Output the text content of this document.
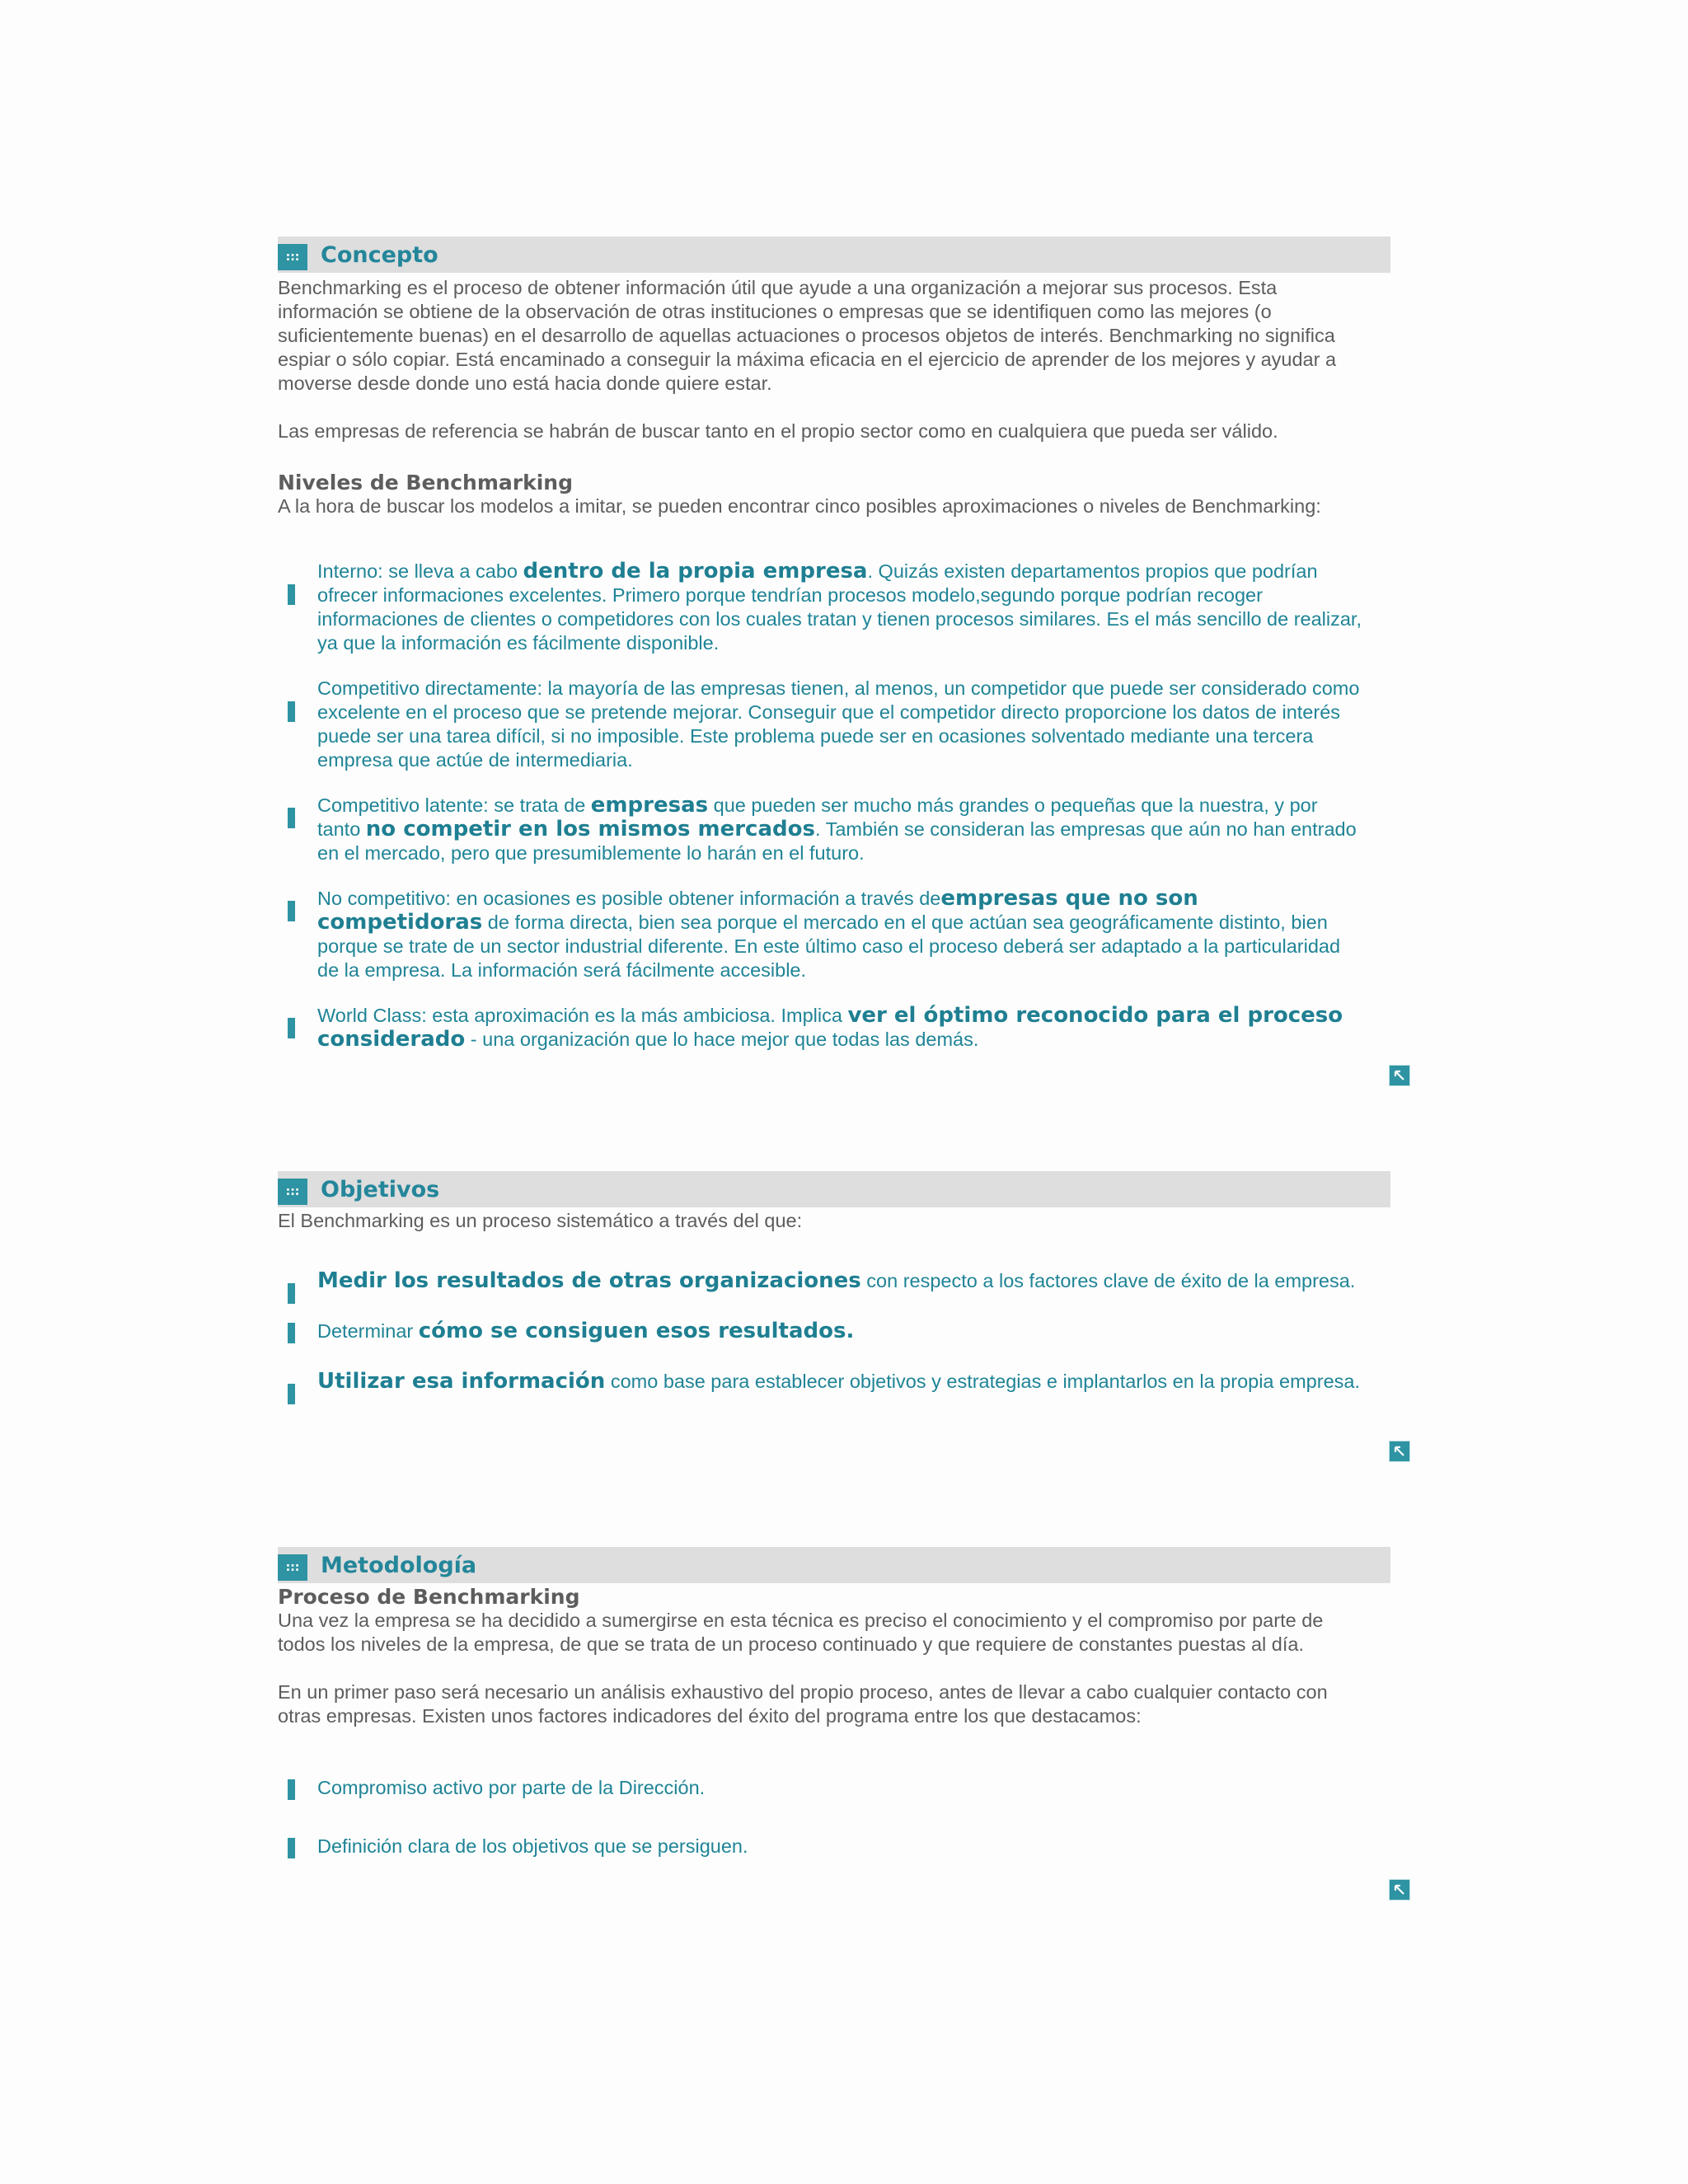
::: Concepto

Benchmarking es el proceso de obtener información útil que ayude a una organización a mejorar sus procesos. Esta información se obtiene de la observación de otras instituciones o empresas que se identifiquen como las mejores (o suficientemente buenas) en el desarrollo de aquellas actuaciones o procesos objetos de interés. Benchmarking no significa espiar o sólo copiar. Está encaminado a conseguir la máxima eficacia en el ejercicio de aprender de los mejores y ayudar a moverse desde donde uno está hacia donde quiere estar.

Las empresas de referencia se habrán de buscar tanto en el propio sector como en cualquiera que pueda ser válido.

Niveles de Benchmarking

A la hora de buscar los modelos a imitar, se pueden encontrar cinco posibles aproximaciones o niveles de Benchmarking:

Interno: se lleva a cabo dentro de la propia empresa. Quizás existen departamentos propios que podrían ofrecer informaciones excelentes. Primero porque tendrían procesos modelo,segundo porque podrían recoger informaciones de clientes o competidores con los cuales tratan y tienen procesos similares. Es el más sencillo de realizar, ya que la información es fácilmente disponible.
Competitivo directamente: la mayoría de las empresas tienen, al menos, un competidor que puede ser considerado como excelente en el proceso que se pretende mejorar. Conseguir que el competidor directo proporcione los datos de interés puede ser una tarea difícil, si no imposible. Este problema puede ser en ocasiones solventado mediante una tercera empresa que actúe de intermediaria.
Competitivo latente: se trata de empresas que pueden ser mucho más grandes o pequeñas que la nuestra, y por tanto no competir en los mismos mercados. También se consideran las empresas que aún no han entrado en el mercado, pero que presumiblemente lo harán en el futuro.
No competitivo: en ocasiones es posible obtener información a través deempresas que no son competidoras de forma directa, bien sea porque el mercado en el que actúan sea geográficamente distinto, bien porque se trate de un sector industrial diferente. En este último caso el proceso deberá ser adaptado a la particularidad de la empresa. La información será fácilmente accesible.
World Class: esta aproximación es la más ambiciosa. Implica ver el óptimo reconocido para el proceso considerado - una organización que lo hace mejor que todas las demás.
::: Objetivos

El Benchmarking es un proceso sistemático a través del que:

Medir los resultados de otras organizaciones con respecto a los factores clave de éxito de la empresa.
Determinar cómo se consiguen esos resultados.
Utilizar esa información como base para establecer objetivos y estrategias e implantarlos en la propia empresa.
::: Metodología

Proceso de Benchmarking

Una vez la empresa se ha decidido a sumergirse en esta técnica es preciso el conocimiento y el compromiso por parte de todos los niveles de la empresa, de que se trata de un proceso continuado y que requiere de constantes puestas al día.

En un primer paso será necesario un análisis exhaustivo del propio proceso, antes de llevar a cabo cualquier contacto con otras empresas. Existen unos factores indicadores del éxito del programa entre los que destacamos:

Compromiso activo por parte de la Dirección.
Definición clara de los objetivos que se persiguen.
